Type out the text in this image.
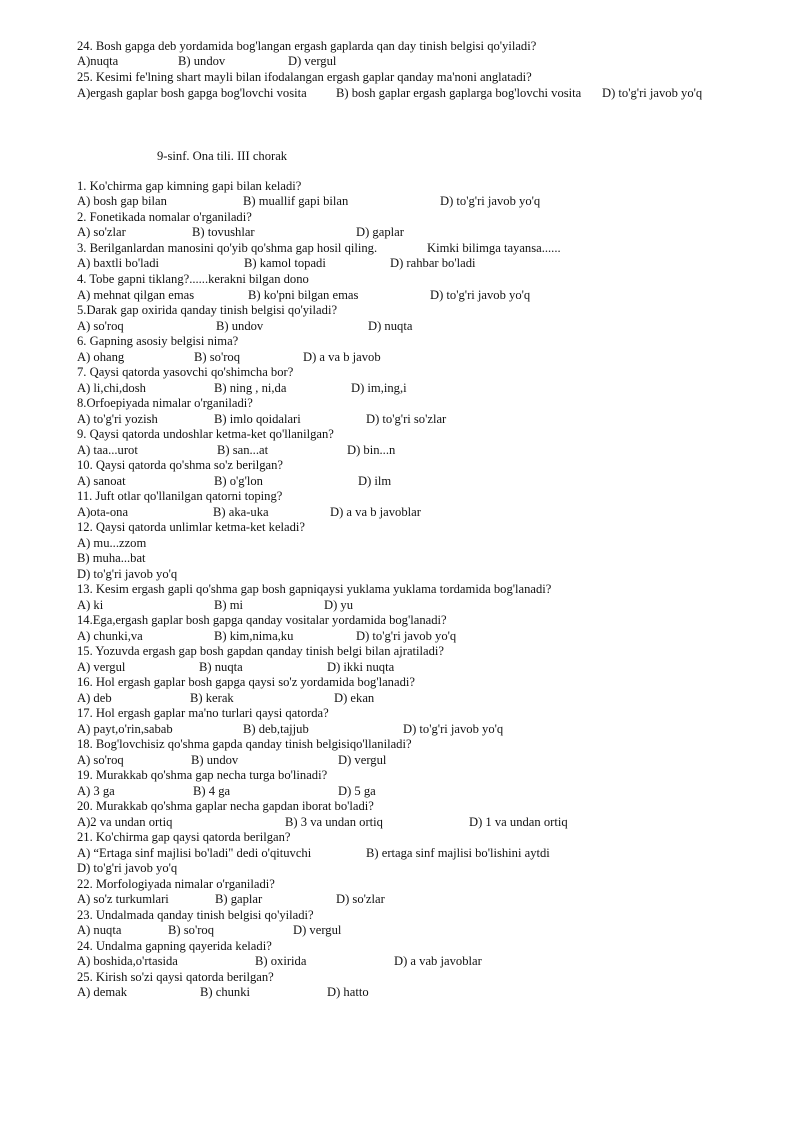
24. Bosh gapga deb yordamida bog'langan ergash gaplarda qan day tinish belgisi qo'yiladi?
A)nuqta	B) undov	D) vergul
25. Kesimi fe'lning shart mayli bilan ifodalangan ergash gaplar qanday ma'noni anglatadi?
A)ergash gaplar bosh gapga bog'lovchi vosita B) bosh gaplar ergash gaplarga bog'lovchi vosita D) to'g'ri javob yo'q
9-sinf. Ona tili. III chorak
1. Ko'chirma gap kimning gapi bilan keladi?
A) bosh gap bilan	B) muallif gapi bilan	D) to'g'ri javob yo'q
2. Fonetikada nomalar o'rganiladi?
A) so'zlar	B) tovushlar	D) gaplar
3. Berilganlardan manosini qo'yib qo'shma gap hosil qiling.	Kimki bilimga tayansa......
A) baxtli bo'ladi	B) kamol topadi	D) rahbar bo'ladi
4. Tobe gapni tiklang?......kerakni bilgan dono
A) mehnat qilgan emas	B) ko'pni bilgan emas	D) to'g'ri javob yo'q
5.Darak gap oxirida qanday tinish belgisi qo'yiladi?
A) so'roq	B) undov	D) nuqta
6. Gapning asosiy belgisi nima?
A) ohang	B) so'roq	D) a va b javob
7. Qaysi qatorda yasovchi qo'shimcha bor?
A) li,chi,dosh	B) ning , ni,da	D) im,ing,i
8.Orfoepiyada nimalar o'rganiladi?
A) to'g'ri yozish	B) imlo qoidalari	D) to'g'ri so'zlar
9. Qaysi qatorda undoshlar ketma-ket qo'llanilgan?
A) taa...urot	B) san...at	D) bin...n
10. Qaysi qatorda qo'shma so'z berilgan?
A) sanoat	B) o'g'lon	D) ilm
11. Juft otlar qo'llanilgan qatorni toping?
A)ota-ona	B) aka-uka	D) a va b javoblar
12. Qaysi qatorda unlimlar ketma-ket keladi?
A) mu...zzom
B) muha...bat
D) to'g'ri javob yo'q
13. Kesim ergash gapli qo'shma gap bosh gapniqaysi yuklama yuklama tordamida bog'lanadi?
A) ki	B) mi	D) yu
14.Ega,ergash gaplar bosh gapga qanday vositalar yordamida bog'lanadi?
A) chunki,va	B) kim,nima,ku	D) to'g'ri javob yo'q
15. Yozuvda ergash gap bosh gapdan qanday tinish belgi bilan ajratiladi?
A) vergul	B) nuqta	D) ikki nuqta
16. Hol ergash gaplar bosh gapga qaysi so'z yordamida bog'lanadi?
A) deb	B) kerak	D) ekan
17. Hol ergash gaplar ma'no turlari qaysi qatorda?
A) payt,o'rin,sabab	B) deb,tajjub	D) to'g'ri javob yo'q
18. Bog'lovchisiz qo'shma gapda qanday tinish belgisiqo'llaniladi?
A) so'roq	B) undov	D) vergul
19. Murakkab qo'shma gap necha turga bo'linadi?
A) 3 ga	B) 4 ga	D) 5 ga
20. Murakkab qo'shma gaplar necha gapdan iborat bo'ladi?
A)2 va undan ortiq	B) 3 va undan ortiq	D) 1 va undan ortiq
21. Ko'chirma gap qaysi qatorda berilgan?
A) “Ertaga sinf majlisi bo'ladi" dedi o'qituvchi	B) ertaga sinf majlisi bo'lishini aytdi
D) to'g'ri javob yo'q
22. Morfologiyada nimalar o'rganiladi?
A) so'z turkumlari	B) gaplar	D) so'zlar
23. Undalmada qanday tinish belgisi qo'yiladi?
A) nuqta	B) so'roq	D) vergul
24. Undalma gapning qayerida keladi?
A) boshida,o'rtasida	B) oxirida	D) a vab javoblar
25. Kirish so'zi qaysi qatorda berilgan?
A) demak	B) chunki	D) hatto
